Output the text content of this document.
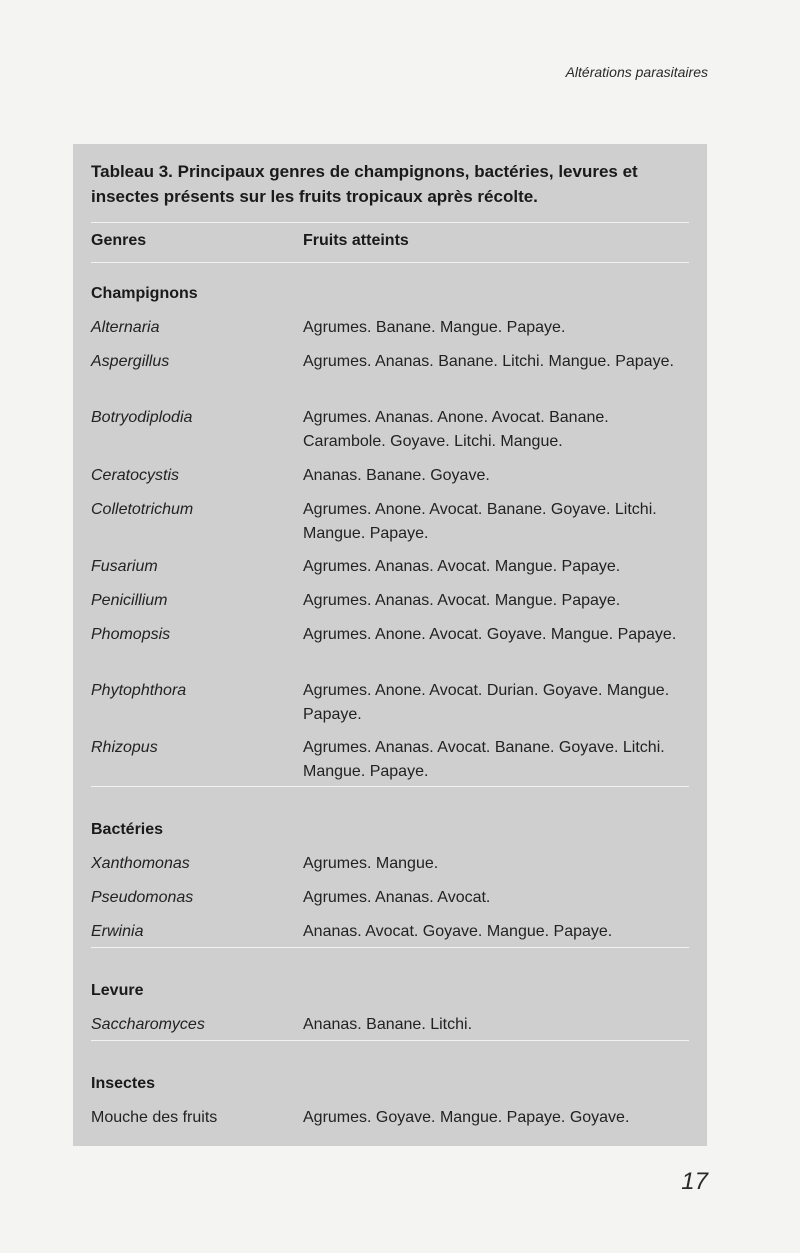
Altérations parasitaires
Tableau 3. Principaux genres de champignons, bactéries, levures et insectes présents sur les fruits tropicaux après récolte.
Genres	Fruits atteints
Champignons
Alternaria	Agrumes. Banane. Mangue. Papaye.
Aspergillus	Agrumes. Ananas. Banane. Litchi. Mangue. Papaye.
Botryodiplodia	Agrumes. Ananas. Anone. Avocat. Banane. Carambole. Goyave. Litchi. Mangue.
Ceratocystis	Ananas. Banane. Goyave.
Colletotrichum	Agrumes. Anone. Avocat. Banane. Goyave. Litchi. Mangue. Papaye.
Fusarium	Agrumes. Ananas. Avocat. Mangue. Papaye.
Penicillium	Agrumes. Ananas. Avocat. Mangue. Papaye.
Phomopsis	Agrumes. Anone. Avocat. Goyave. Mangue. Papaye.
Phytophthora	Agrumes. Anone. Avocat. Durian. Goyave. Mangue. Papaye.
Rhizopus	Agrumes. Ananas. Avocat. Banane. Goyave. Litchi. Mangue. Papaye.
Bactéries
Xanthomonas	Agrumes. Mangue.
Pseudomonas	Agrumes. Ananas. Avocat.
Erwinia	Ananas. Avocat. Goyave. Mangue. Papaye.
Levure
Saccharomyces	Ananas. Banane. Litchi.
Insectes
Mouche des fruits	Agrumes. Goyave. Mangue. Papaye. Goyave.
17
